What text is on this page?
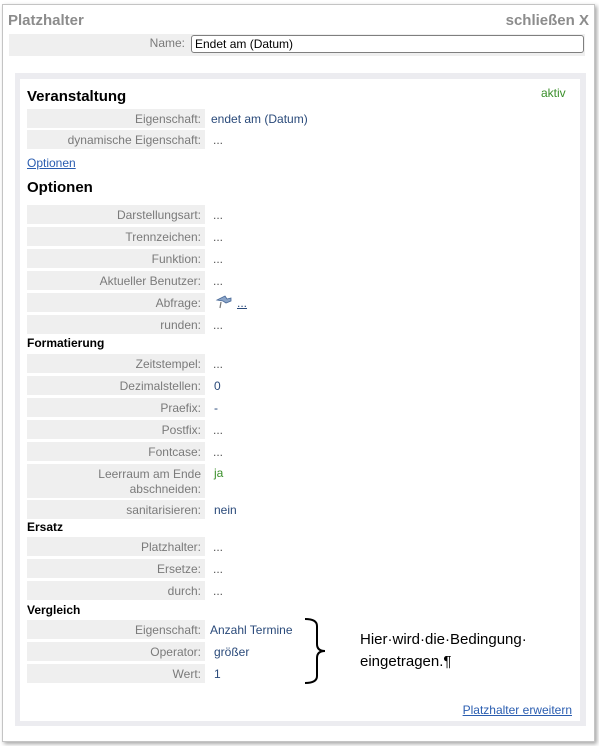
Platzhalter	schließen X
Name:
Endet am (Datum)
Veranstaltung	aktiv
Eigenschaft: endet am (Datum)
dynamische Eigenschaft: ...
Optionen
Optionen
Darstellungsart: ...
Trennzeichen: ...
Funktion: ...
Aktueller Benutzer: ...
Abfrage:	...
runden: ...
Formatierung
Zeitstempel: ...
Dezimalstellen: 0
Praefix: -
Postfix: ...
Fontcase: ...
Leerraum am Ende abschneiden:
ja
sanitarisieren: nein
Ersatz
Platzhalter: ...
Ersetze: ...
durch: ...
Vergleich
Eigenschaft: Anzahl Termine
Operator: größer
Wert: 1
Platzhalter erweitern
Hier·wird·die·Bedingung·
eingetragen.¶
